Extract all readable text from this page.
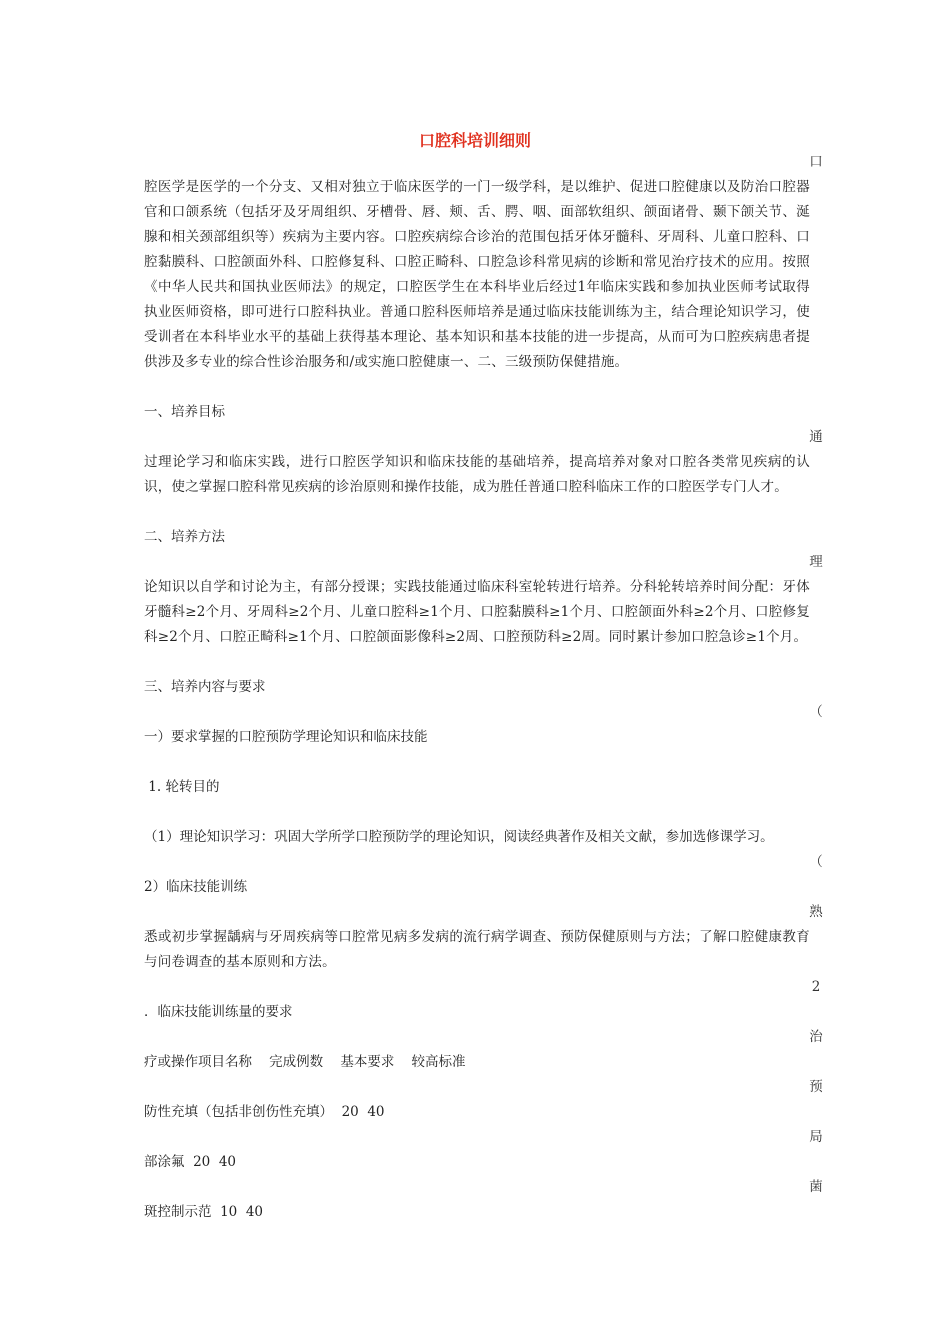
口腔科培训细则
口
腔医学是医学的一个分支、又相对独立于临床医学的一门一级学科，是以维护、促进口腔健康以及防治口腔器官和口颌系统（包括牙及牙周组织、牙槽骨、唇、颊、舌、腭、咽、面部软组织、颌面诸骨、颞下颌关节、涎腺和相关颈部组织等）疾病为主要内容。口腔疾病综合诊治的范围包括牙体牙髓科、牙周科、儿童口腔科、口腔黏膜科、口腔颌面外科、口腔修复科、口腔正畸科、口腔急诊科常见病的诊断和常见治疗技术的应用。按照《中华人民共和国执业医师法》的规定，口腔医学生在本科毕业后经过1年临床实践和参加执业医师考试取得执业医师资格，即可进行口腔科执业。普通口腔科医师培养是通过临床技能训练为主，结合理论知识学习，使受训者在本科毕业水平的基础上获得基本理论、基本知识和基本技能的进一步提高，从而可为口腔疾病患者提供涉及多专业的综合性诊治服务和/或实施口腔健康一、二、三级预防保健措施。
一、培养目标
通
过理论学习和临床实践，进行口腔医学知识和临床技能的基础培养，提高培养对象对口腔各类常见疾病的认识，使之掌握口腔科常见疾病的诊治原则和操作技能，成为胜任普通口腔科临床工作的口腔医学专门人才。
二、培养方法
理
论知识以自学和讨论为主，有部分授课；实践技能通过临床科室轮转进行培养。分科轮转培养时间分配：牙体牙髓科≥2个月、牙周科≥2个月、儿童口腔科≥1个月、口腔黏膜科≥1个月、口腔颌面外科≥2个月、口腔修复科≥2个月、口腔正畸科≥1个月、口腔颌面影像科≥2周、口腔预防科≥2周。同时累计参加口腔急诊≥1个月。
三、培养内容与要求
（
一）要求掌握的口腔预防学理论知识和临床技能
1. 轮转目的
（1）理论知识学习：巩固大学所学口腔预防学的理论知识，阅读经典著作及相关文献，参加选修课学习。
（
2）临床技能训练
熟
悉或初步掌握龋病与牙周疾病等口腔常见病多发病的流行病学调查、预防保健原则与方法；了解口腔健康教育与问卷调查的基本原则和方法。
2
．临床技能训练量的要求
治
疗或操作项目名称    完成例数    基本要求    较高标准
预
防性充填（包括非创伤性充填）  20  40
局
部涂氟  20  40
菌
斑控制示范  10  40
